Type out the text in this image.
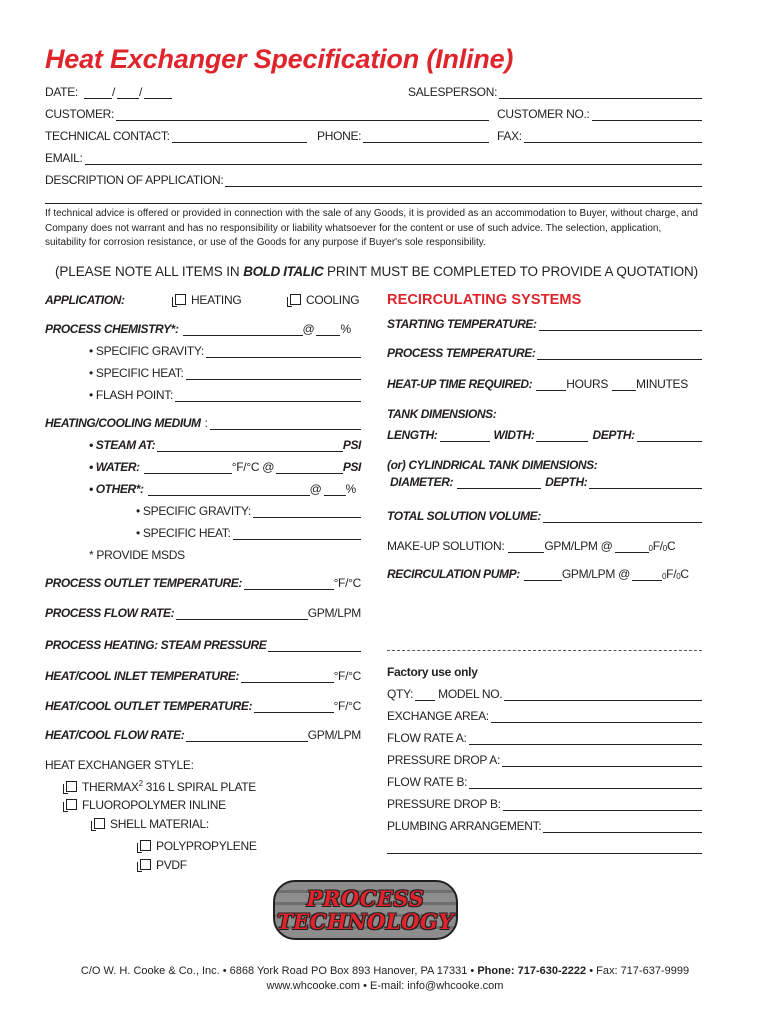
Heat Exchanger Specification (Inline)
DATE:	/ /	SALESPERSON:
CUSTOMER:	CUSTOMER NO.:
TECHNICAL CONTACT:	PHONE:	FAX:
EMAIL:
DESCRIPTION OF APPLICATION:
If technical advice is offered or provided in connection with the sale of any Goods, it is provided as an accommodation to Buyer, without charge, and Company does not warrant and has no responsibility or liability whatsoever for the content or use of such advice. The selection, application, suitability for corrosion resistance, or use of the Goods for any purpose if Buyer's sole responsibility.
(PLEASE NOTE ALL ITEMS IN BOLD ITALIC PRINT MUST BE COMPLETED TO PROVIDE A QUOTATION)
APPLICATION:	HEATING	COOLING
PROCESS CHEMISTRY*:	@ %
• SPECIFIC GRAVITY:
• SPECIFIC HEAT:
• FLASH POINT:
HEATING/COOLING MEDIUM :
• STEAM AT:	PSI
• WATER:	°F/°C @	PSI
• OTHER*:	@ %
• SPECIFIC GRAVITY:
• SPECIFIC HEAT:
* PROVIDE MSDS
PROCESS OUTLET TEMPERATURE:	°F/°C
PROCESS FLOW RATE:	GPM/LPM
PROCESS HEATING: STEAM PRESSURE
HEAT/COOL INLET TEMPERATURE:	°F/°C
HEAT/COOL OUTLET TEMPERATURE:	°F/°C
HEAT/COOL FLOW RATE:	GPM/LPM
HEAT EXCHANGER STYLE:
THERMAX$^2$ 316 L SPIRAL PLATE
FLUOROPOLYMER INLINE
SHELL MATERIAL:
POLYPROPYLENE
PVDF
RECIRCULATING SYSTEMS
STARTING TEMPERATURE:
PROCESS TEMPERATURE:
HEAT-UP TIME REQUIRED:	HOURS MINUTES
TANK DIMENSIONS:
LENGTH:	WIDTH:	DEPTH:
(or) CYLINDRICAL TANK DIMENSIONS:
DIAMETER:	DEPTH:
TOTAL SOLUTION VOLUME:
MAKE-UP SOLUTION:	GPM/LPM @	0 F/ 0 C
RECIRCULATION PUMP:	GPM/LPM @	0 F/ 0 C
Factory use only
QTY: MODEL NO.
EXCHANGE AREA:
FLOW RATE A:
PRESSURE DROP A:
FLOW RATE B:
PRESSURE DROP B:
PLUMBING ARRANGEMENT:
PROCESS
TECHNOLOGY
C/O W. H. Cooke & Co., Inc. • 6868 York Road PO Box 893 Hanover, PA 17331 • Phone: 717-630-2222 • Fax: 717-637-9999
www.whcooke.com • E-mail: info@whcooke.com
